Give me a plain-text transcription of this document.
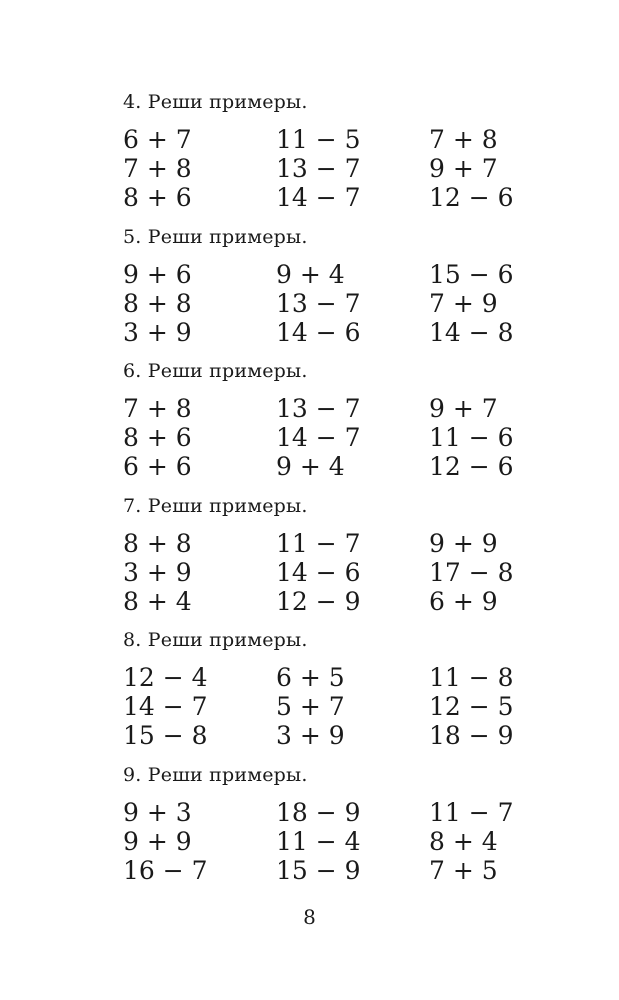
4. Реши примеры.

6 + 7	11 − 5	7 + 8
7 + 8	13 − 7	9 + 7
8 + 6	14 − 7	12 − 6

5. Реши примеры.

9 + 6	9 + 4	15 − 6
8 + 8	13 − 7	7 + 9
3 + 9	14 − 6	14 − 8

6. Реши примеры.

7 + 8	13 − 7	9 + 7
8 + 6	14 − 7	11 − 6
6 + 6	9 + 4	12 − 6

7. Реши примеры.

8 + 8	11 − 7	9 + 9
3 + 9	14 − 6	17 − 8
8 + 4	12 − 9	6 + 9

8. Реши примеры.

12 − 4	6 + 5	11 − 8
14 − 7	5 + 7	12 − 5
15 − 8	3 + 9	18 − 9

9. Реши примеры.

9 + 3	18 − 9	11 − 7
9 + 9	11 − 4	8 + 4
16 − 7	15 − 9	7 + 5
8
